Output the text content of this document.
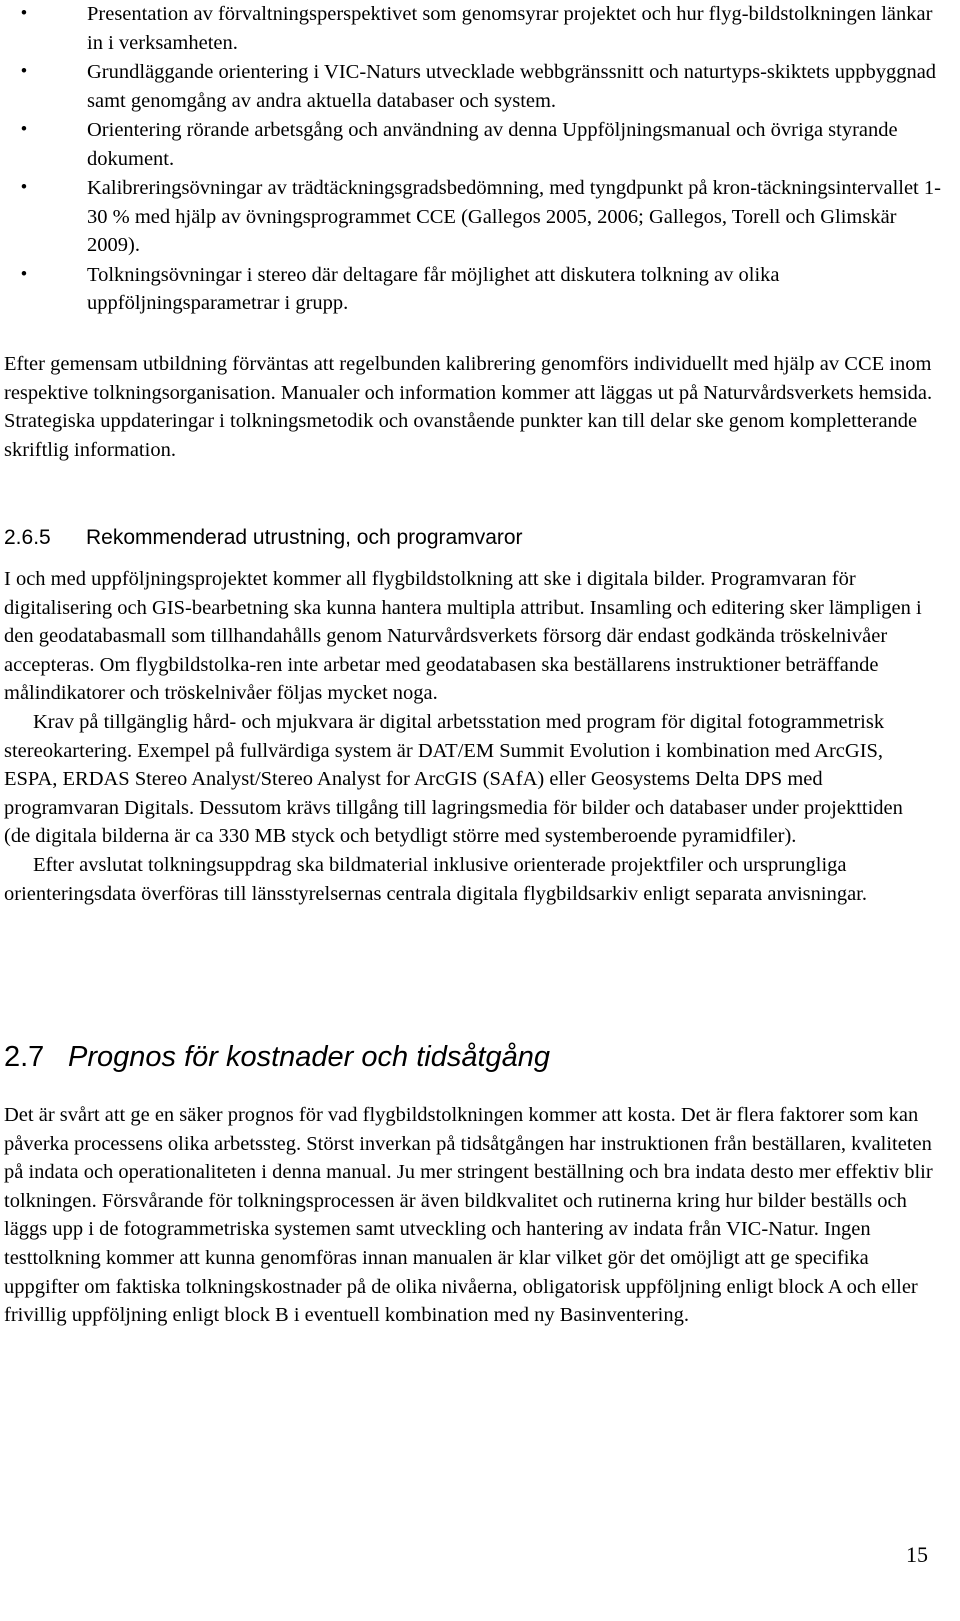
•	Presentation av förvaltningsperspektivet som genomsyrar projektet och hur flyg-bildstolkningen länkar in i verksamheten.
•	Grundläggande orientering i VIC-Naturs utvecklade webbgränssnitt och naturtyps-skiktets uppbyggnad samt genomgång av andra aktuella databaser och system.
•	Orientering rörande arbetsgång och användning av denna Uppföljningsmanual och övriga styrande dokument.
•	Kalibreringsövningar av trädtäckningsgradsbedömning, med tyngdpunkt på kron-täckningsintervallet 1-30 % med hjälp av övningsprogrammet CCE (Gallegos 2005, 2006; Gallegos, Torell och Glimskär 2009).
•	Tolkningsövningar i stereo där deltagare får möjlighet att diskutera tolkning av olika uppföljningsparametrar i grupp.

Efter gemensam utbildning förväntas att regelbunden kalibrering genomförs individuellt med hjälp av CCE inom respektive tolkningsorganisation. Manualer och information kommer att läggas ut på Naturvårdsverkets hemsida. Strategiska uppdateringar i tolkningsmetodik och ovanstående punkter kan till delar ske genom kompletterande skriftlig information.

2.6.5 Rekommenderad utrustning, och programvaror

I och med uppföljningsprojektet kommer all flygbildstolkning att ske i digitala bilder. Programvaran för digitalisering och GIS-bearbetning ska kunna hantera multipla attribut. Insamling och editering sker lämpligen i den geodatabasmall som tillhandahålls genom Naturvårdsverkets försorg där endast godkända tröskelnivåer accepteras. Om flygbildstolka-ren inte arbetar med geodatabasen ska beställarens instruktioner beträffande målindikatorer och tröskelnivåer följas mycket noga.

Krav på tillgänglig hård- och mjukvara är digital arbetsstation med program för digital fotogrammetrisk stereokartering. Exempel på fullvärdiga system är DAT/EM Summit Evolution i kombination med ArcGIS, ESPA, ERDAS Stereo Analyst/Stereo Analyst for ArcGIS (SAfA) eller Geosystems Delta DPS med programvaran Digitals. Dessutom krävs tillgång till lagringsmedia för bilder och databaser under projekttiden (de digitala bilderna är ca 330 MB styck och betydligt större med systemberoende pyramidfiler).

Efter avslutat tolkningsuppdrag ska bildmaterial inklusive orienterade projektfiler och ursprungliga orienteringsdata överföras till länsstyrelsernas centrala digitala flygbildsarkiv enligt separata anvisningar.

2.7 Prognos för kostnader och tidsåtgång

Det är svårt att ge en säker prognos för vad flygbildstolkningen kommer att kosta. Det är flera faktorer som kan påverka processens olika arbetssteg. Störst inverkan på tidsåtgången har instruktionen från beställaren, kvaliteten på indata och operationaliteten i denna manual. Ju mer stringent beställning och bra indata desto mer effektiv blir tolkningen. Försvårande för tolkningsprocessen är även bildkvalitet och rutinerna kring hur bilder beställs och läggs upp i de fotogrammetriska systemen samt utveckling och hantering av indata från VIC-Natur. Ingen testtolkning kommer att kunna genomföras innan manualen är klar vilket gör det omöjligt att ge specifika uppgifter om faktiska tolkningskostnader på de olika nivåerna, obligatorisk uppföljning enligt block A och eller frivillig uppföljning enligt block B i eventuell kombination med ny Basinventering.

15
